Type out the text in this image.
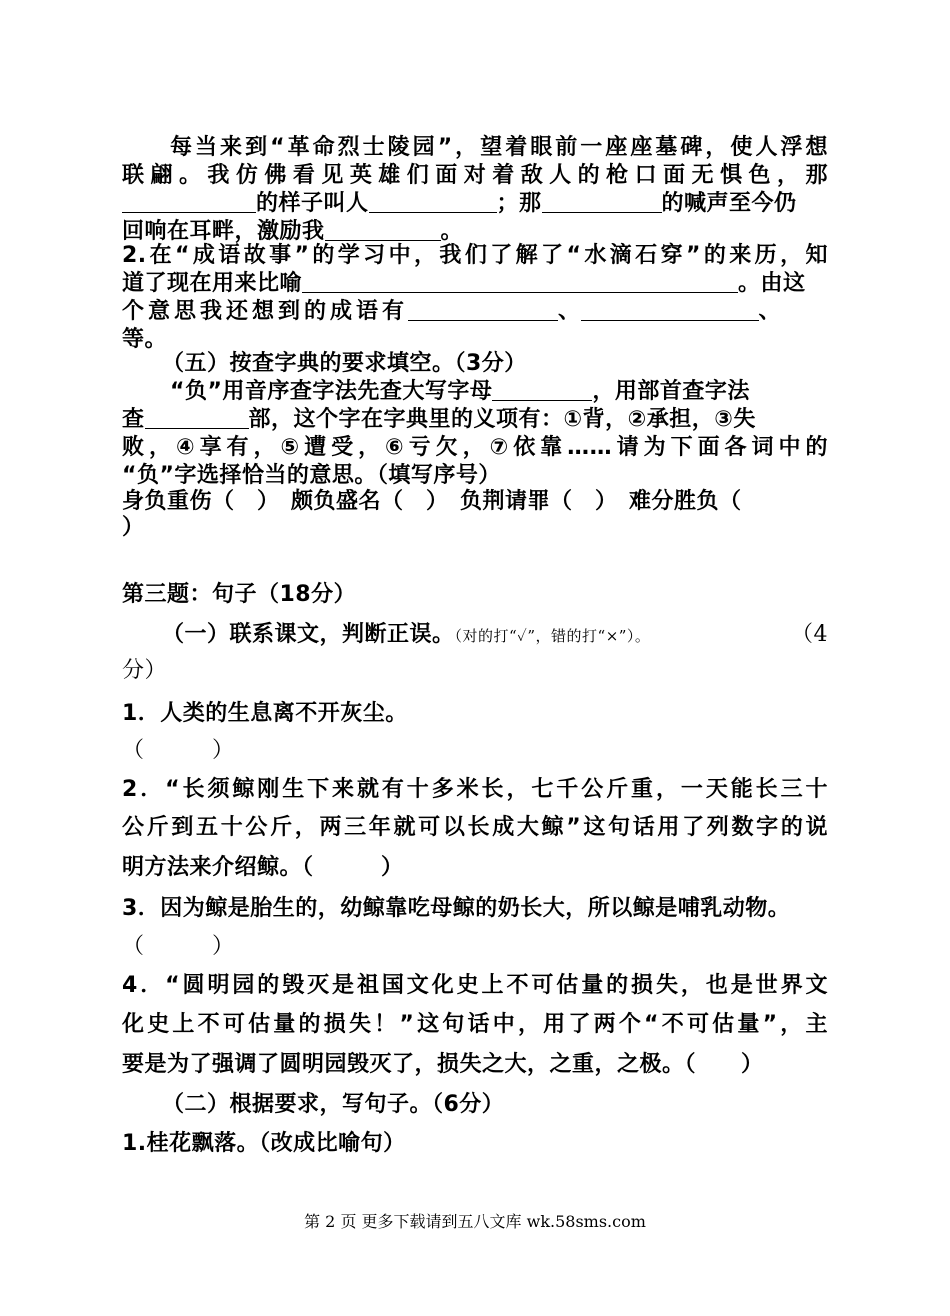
每当来到“革命烈士陵园”，望着眼前一座座墓碑，使人浮想
联翩。我仿佛看见英雄们面对着敌人的枪口面无惧色，那
的样子叫人	；那	的喊声至今仍
回响在耳畔，激励我	。
2.在“成语故事”的学习中，我们了解了“水滴石穿”的来历，知
道了现在用来比喻	。由这
个意思我还想到的成语有	、	、
等。
（五）按查字典的要求填空。（3分）
“负”用音序查字法先查大写字母	，用部首查字法
查	部，这个字在字典里的义项有：①背，②承担，③失
败，④享有，⑤遭受，⑥亏欠，⑦依靠……请为下面各词中的
“负”字选择恰当的意思。（填写序号）
身负重伤（　）　颇负盛名（　）　负荆请罪（　）　难分胜负（
）
第三题：句子（18分）
（一）联系课文，判断正误。（对的打“✓”，错的打“×”）。	（4
分）
1．人类的生息离不开灰尘。
（　　　）
2．“长须鲸刚生下来就有十多米长，七千公斤重，一天能长三十
公斤到五十公斤，两三年就可以长成大鲸”这句话用了列数字的说
明方法来介绍鲸。（　　　）
3．因为鲸是胎生的，幼鲸靠吃母鲸的奶长大，所以鲸是哺乳动物。
（　　　）
4．“圆明园的毁灭是祖国文化史上不可估量的损失，也是世界文
化史上不可估量的损失！”这句话中，用了两个“不可估量”，主
要是为了强调了圆明园毁灭了，损失之大，之重，之极。（　　）
（二）根据要求，写句子。（6分）
1.桂花飘落。（改成比喻句）
第 2 页 更多下载请到五八文库 wk.58sms.com
